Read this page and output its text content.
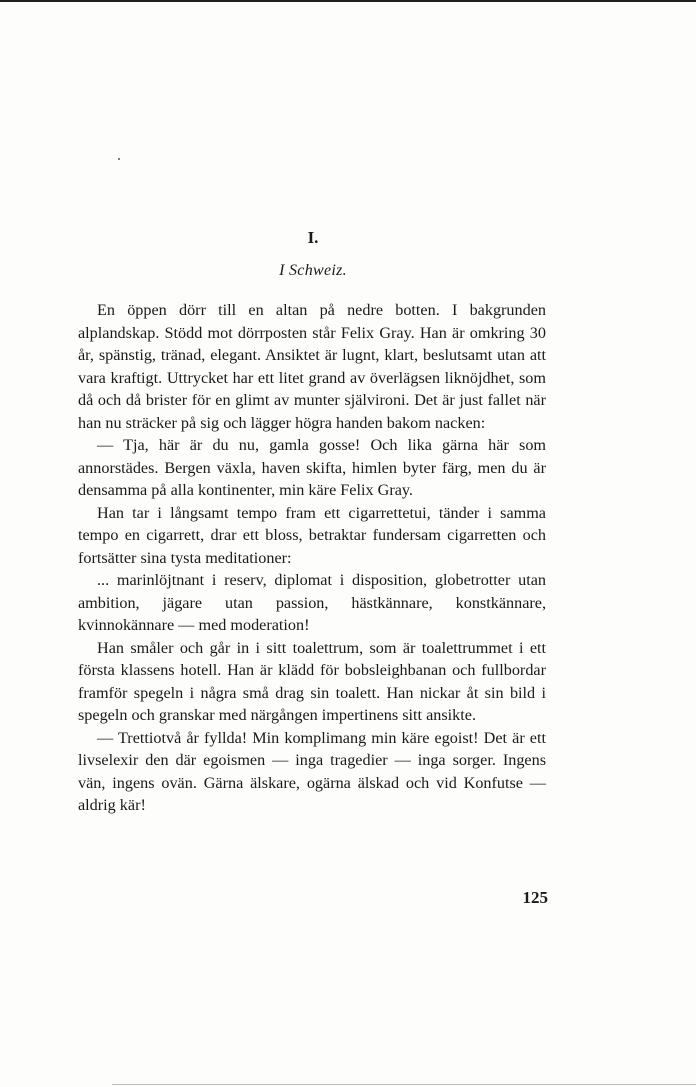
I.
I Schweiz.

En öppen dörr till en altan på nedre botten. I bakgrunden alplandskap. Stödd mot dörrposten står Felix Gray. Han är omkring 30 år, spänstig, tränad, elegant. Ansiktet är lugnt, klart, beslutsamt utan att vara kraftigt. Uttrycket har ett litet grand av överlägsen liknöjdhet, som då och då brister för en glimt av munter självironi. Det är just fallet när han nu sträcker på sig och lägger högra handen bakom nacken:

— Tja, här är du nu, gamla gosse! Och lika gärna här som annorstädes. Bergen växla, haven skifta, himlen byter färg, men du är densamma på alla kontinenter, min käre Felix Gray.

Han tar i långsamt tempo fram ett cigarrettetui, tänder i samma tempo en cigarrett, drar ett bloss, betraktar fundersam cigarretten och fortsätter sina tysta meditationer:

... marinlöjtnant i reserv, diplomat i disposition, globetrotter utan ambition, jägare utan passion, hästkännare, konstkännare, kvinnokännare — med moderation!

Han småler och går in i sitt toalettrum, som är toalettrummet i ett första klassens hotell. Han är klädd för bobsleighbanan och fullbordar framför spegeln i några små drag sin toalett. Han nickar åt sin bild i spegeln och granskar med närgången impertinens sitt ansikte.

— Trettiotvå år fyllda! Min komplimang min käre egoist! Det är ett livselexir den där egoismen — inga tragedier — inga sorger. Ingens vän, ingens ovän. Gärna älskare, ogärna älskad och vid Konfutse — aldrig kär!

125
